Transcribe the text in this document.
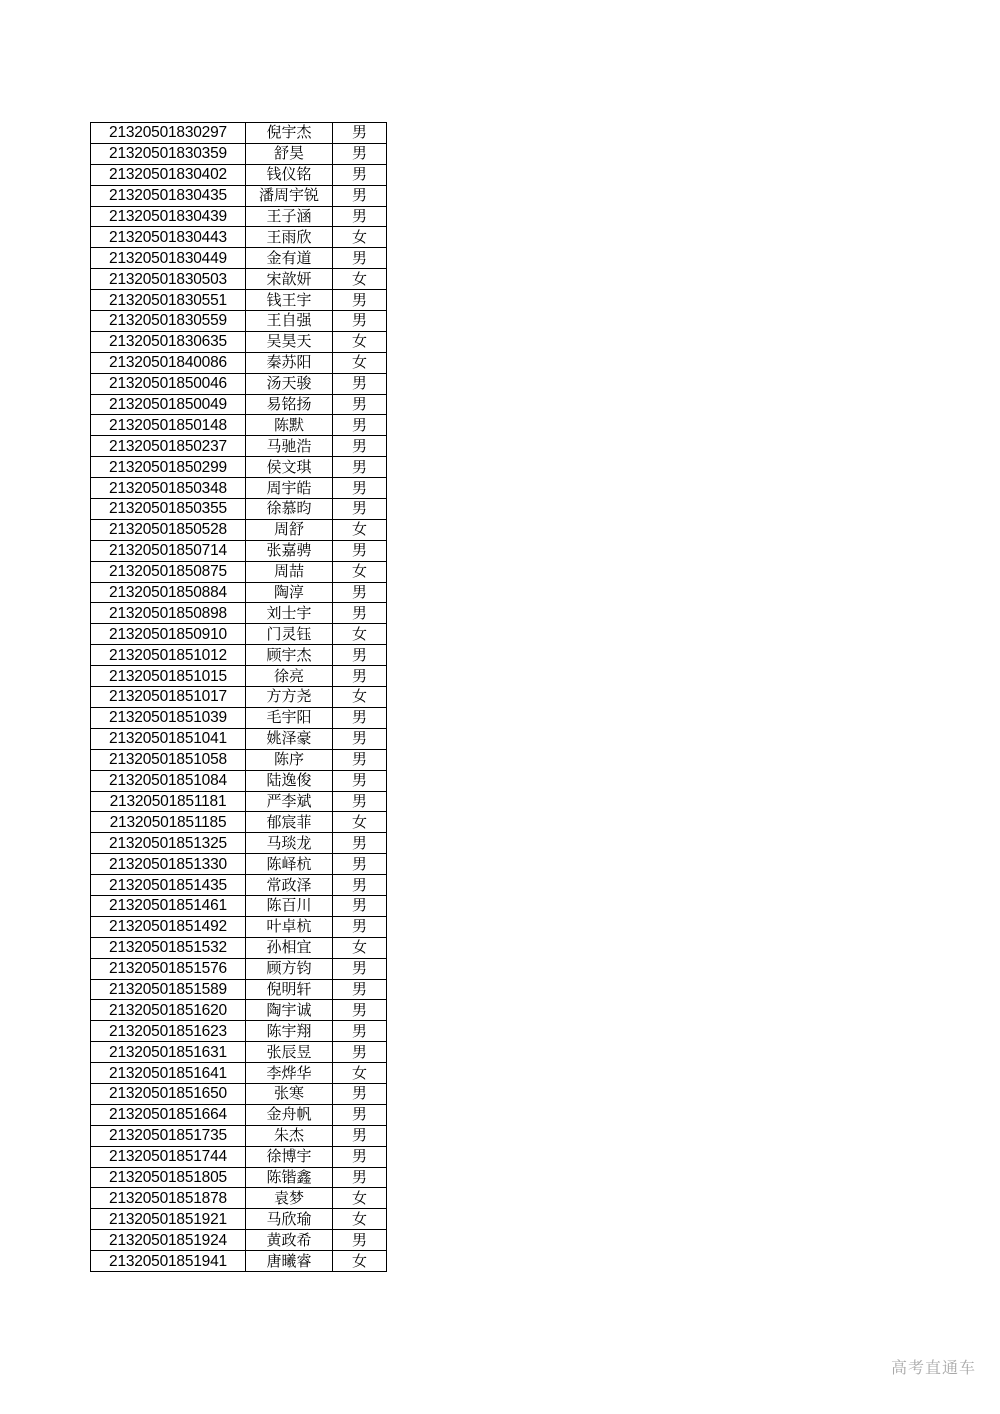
21320501830297	倪宇杰	男
21320501830359	舒昊	男
21320501830402	钱仪铭	男
21320501830435	潘周宇锐	男
21320501830439	王子涵	男
21320501830443	王雨欣	女
21320501830449	金有道	男
21320501830503	宋歆妍	女
21320501830551	钱王宇	男
21320501830559	王自强	男
21320501830635	吴昊天	女
21320501840086	秦苏阳	女
21320501850046	汤天骏	男
21320501850049	易铭扬	男
21320501850148	陈默	男
21320501850237	马驰浩	男
21320501850299	侯文琪	男
21320501850348	周宇皓	男
21320501850355	徐慕昀	男
21320501850528	周舒	女
21320501850714	张嘉骋	男
21320501850875	周喆	女
21320501850884	陶淳	男
21320501850898	刘士宇	男
21320501850910	门灵钰	女
21320501851012	顾宇杰	男
21320501851015	徐亮	男
21320501851017	方方尧	女
21320501851039	毛宇阳	男
21320501851041	姚泽豪	男
21320501851058	陈序	男
21320501851084	陆逸俊	男
21320501851181	严李斌	男
21320501851185	郁宸菲	女
21320501851325	马琰龙	男
21320501851330	陈峄杭	男
21320501851435	常政泽	男
21320501851461	陈百川	男
21320501851492	叶卓杭	男
21320501851532	孙相宜	女
21320501851576	顾方钧	男
21320501851589	倪明轩	男
21320501851620	陶宇诚	男
21320501851623	陈宇翔	男
21320501851631	张辰昱	男
21320501851641	李烨华	女
21320501851650	张寒	男
21320501851664	金舟帆	男
21320501851735	朱杰	男
21320501851744	徐博宇	男
21320501851805	陈锴鑫	男
21320501851878	袁梦	女
21320501851921	马欣瑜	女
21320501851924	黄政希	男
21320501851941	唐曦睿	女
高考直通车
